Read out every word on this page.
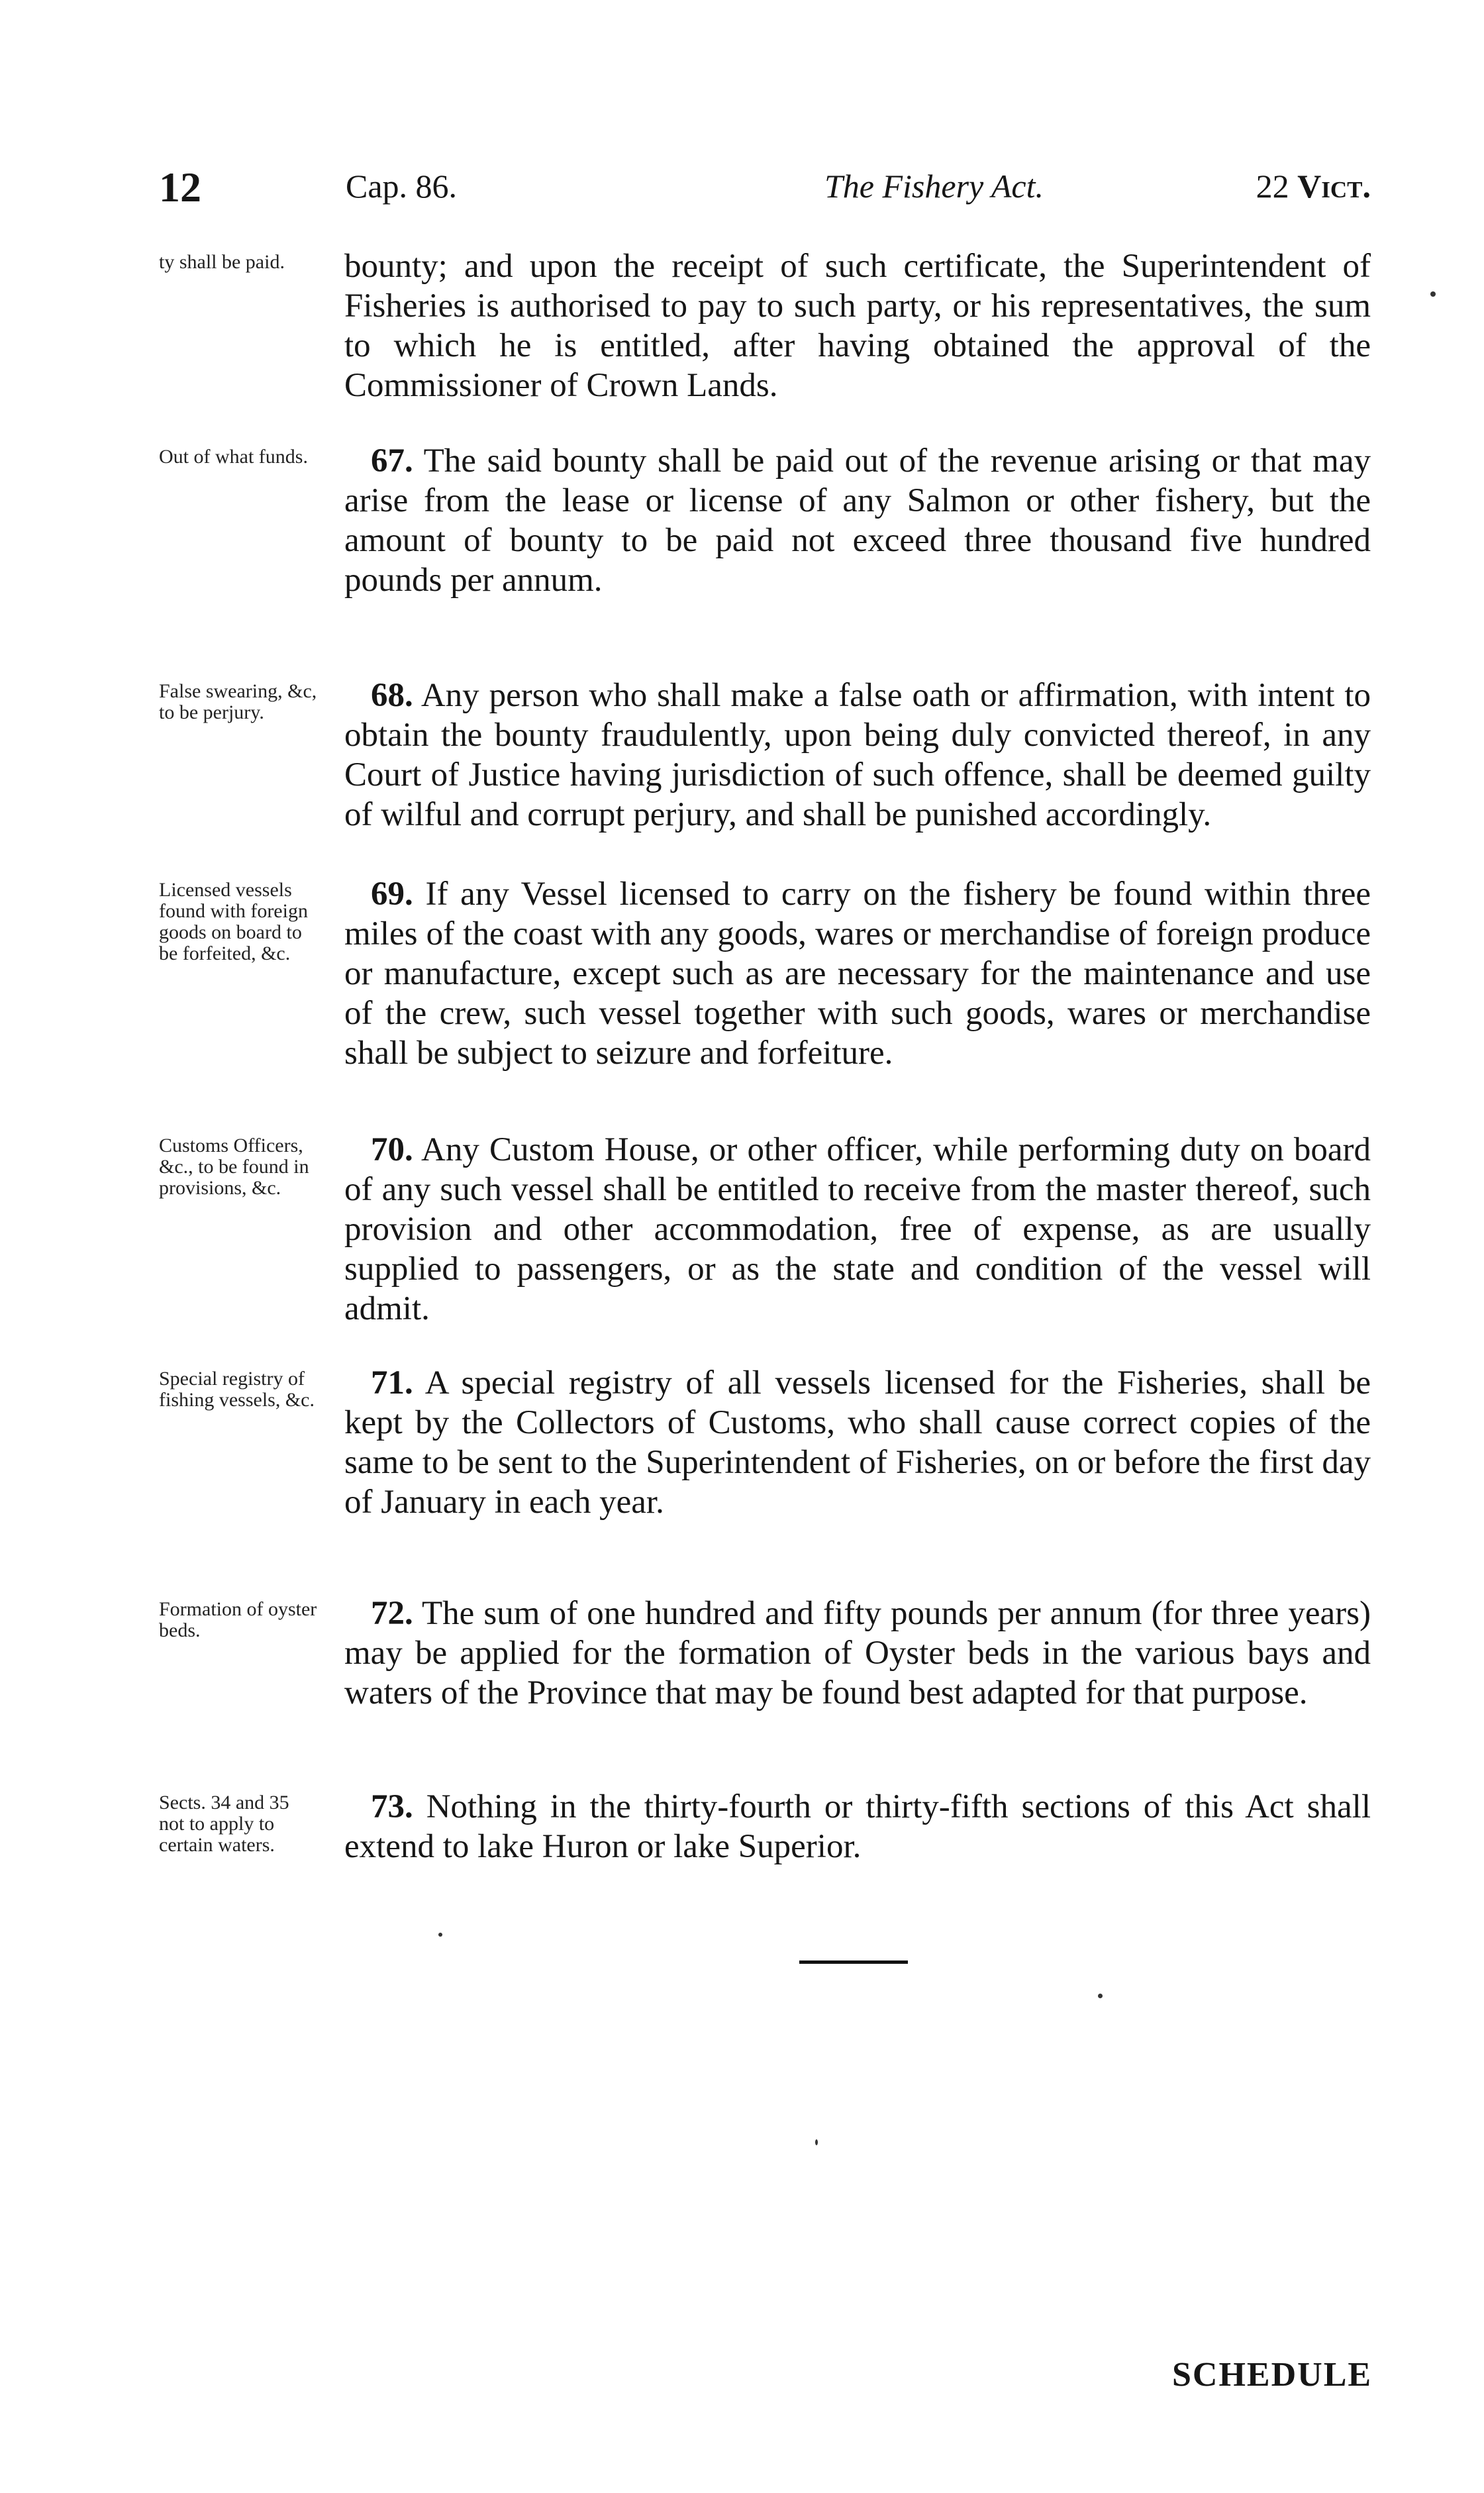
12	Cap. 86.	The Fishery Act.	22 Vict.
ty shall be paid.	bounty; and upon the receipt of such certificate, the Superintendent of Fisheries is authorised to pay to such party, or his representatives, the sum to which he is entitled, after having obtained the approval of the Commissioner of Crown Lands.
Out of what funds.	67. The said bounty shall be paid out of the revenue arising or that may arise from the lease or license of any Salmon or other fishery, but the amount of bounty to be paid not exceed three thousand five hundred pounds per annum.
False swearing, &c, to be perjury.	68. Any person who shall make a false oath or affirmation, with intent to obtain the bounty fraudulently, upon being duly convicted thereof, in any Court of Justice having jurisdiction of such offence, shall be deemed guilty of wilful and corrupt perjury, and shall be punished accordingly.
Licensed vessels found with foreign goods on board to be forfeited, &c.
69. If any Vessel licensed to carry on the fishery be found within three miles of the coast with any goods, wares or merchandise of foreign produce or manufacture, except such as are necessary for the maintenance and use of the crew, such vessel together with such goods, wares or merchandise shall be subject to seizure and forfeiture.
Customs Officers, &c., to be found in provisions, &c.
70. Any Custom House, or other officer, while performing duty on board of any such vessel shall be entitled to receive from the master thereof, such provision and other accommodation, free of expense, as are usually supplied to passengers, or as the state and condition of the vessel will admit.
Special registry of fishing vessels, &c.	71. A special registry of all vessels licensed for the Fisheries, shall be kept by the Collectors of Customs, who shall cause correct copies of the same to be sent to the Superintendent of Fisheries, on or before the first day of January in each year.
Formation of oyster beds.	72. The sum of one hundred and fifty pounds per annum (for three years) may be applied for the formation of Oyster beds in the various bays and waters of the Province that may be found best adapted for that purpose.
Sects. 34 and 35 not to apply to certain waters.
73. Nothing in the thirty-fourth or thirty-fifth sections of this Act shall extend to lake Huron or lake Superior.
SCHEDULE
